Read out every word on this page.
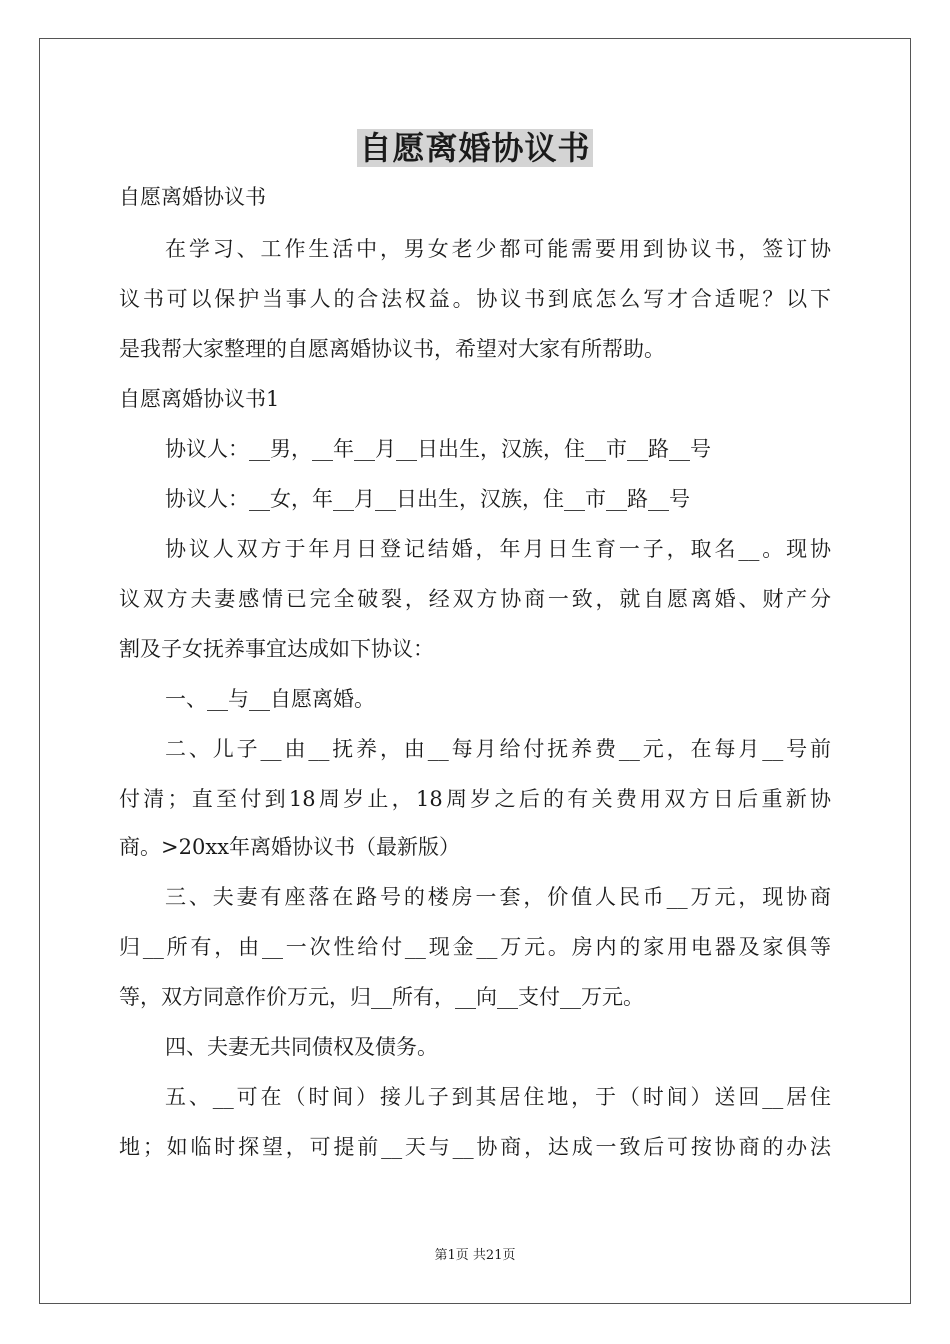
自愿离婚协议书

自愿离婚协议书

在学习、工作生活中，男女老少都可能需要用到协议书，签订协

议书可以保护当事人的合法权益。协议书到底怎么写才合适呢？以下

是我帮大家整理的自愿离婚协议书，希望对大家有所帮助。

自愿离婚协议书1

协议人：__男，__年__月__日出生，汉族，住__市__路__号

协议人：__女，年__月__日出生，汉族，住__市__路__号

协议人双方于年月日登记结婚，年月日生育一子，取名__。现协

议双方夫妻感情已完全破裂，经双方协商一致，就自愿离婚、财产分

割及子女抚养事宜达成如下协议：

一、__与__自愿离婚。

二、儿子__由__抚养，由__每月给付抚养费__元，在每月__号前

付清；直至付到18周岁止，18周岁之后的有关费用双方日后重新协

商。>20xx年离婚协议书（最新版）

三、夫妻有座落在路号的楼房一套，价值人民币__万元，现协商

归__所有，由__一次性给付__现金__万元。房内的家用电器及家俱等

等，双方同意作价万元，归__所有，__向__支付__万元。

四、夫妻无共同债权及债务。

五、__可在（时间）接儿子到其居住地，于（时间）送回__居住

地；如临时探望，可提前__天与__协商，达成一致后可按协商的办法

第1页 共21页
